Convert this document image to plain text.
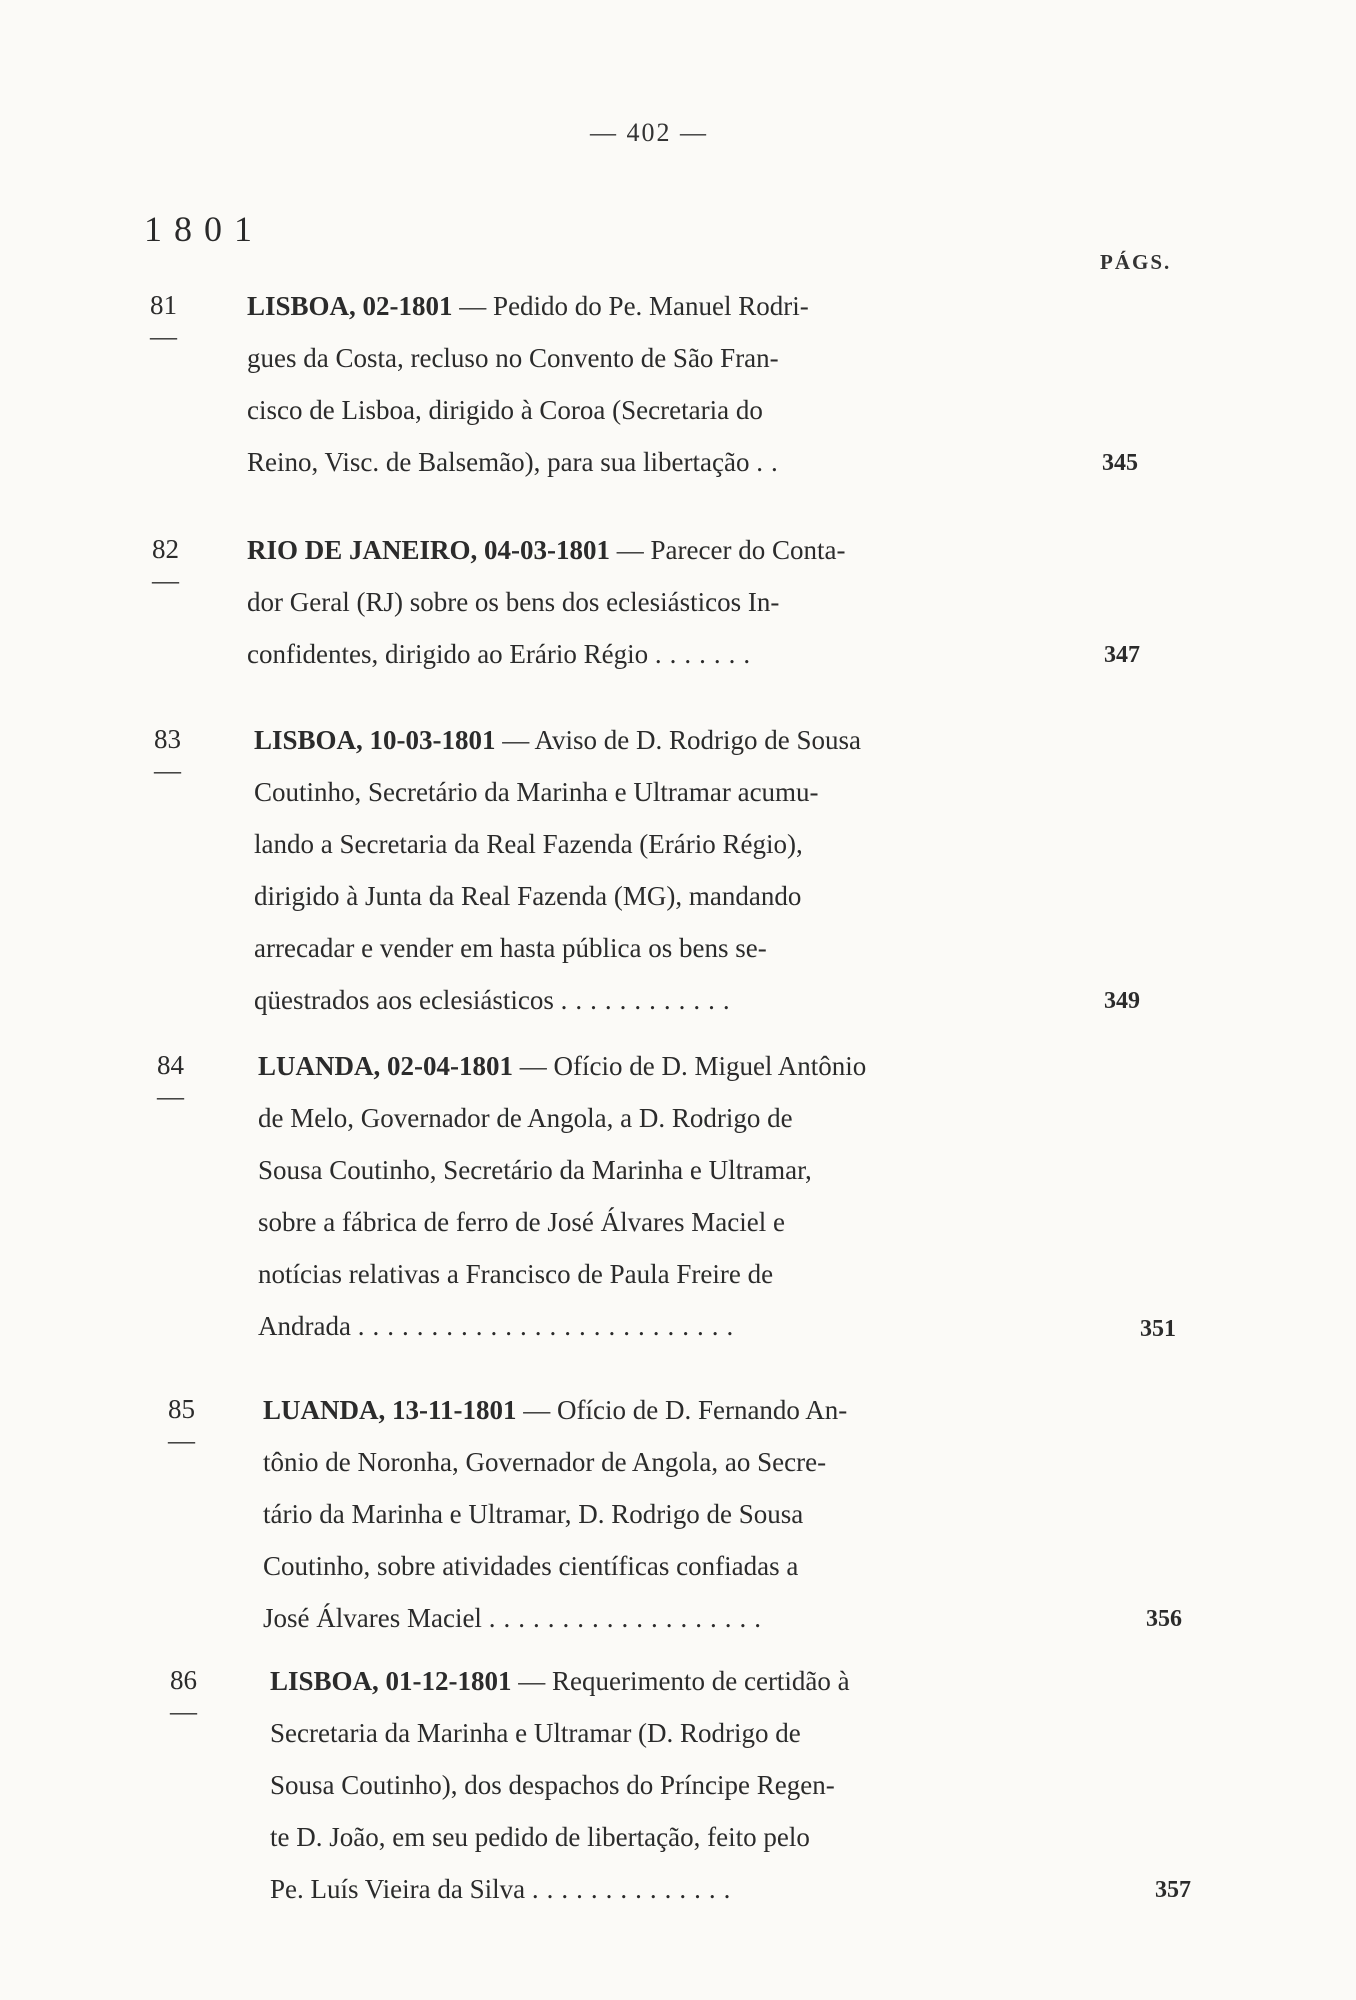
— 402 —
1801
PÁGS.
81 —
LISBOA, 02-1801 — Pedido do Pe. Manuel Rodri-
gues da Costa, recluso no Convento de São Fran-
cisco de Lisboa, dirigido à Coroa (Secretaria do
Reino, Visc. de Balsemão), para sua libertação ..	345
82 —
RIO DE JANEIRO, 04-03-1801 — Parecer do Conta-
dor Geral (RJ) sobre os bens dos eclesiásticos In-
confidentes, dirigido ao Erário Régio .......	347
83 —
LISBOA, 10-03-1801 — Aviso de D. Rodrigo de Sousa
Coutinho, Secretário da Marinha e Ultramar acumu-
lando a Secretaria da Real Fazenda (Erário Régio),
dirigido à Junta da Real Fazenda (MG), mandando
arrecadar e vender em hasta pública os bens se-
qüestrados aos eclesiásticos ............	349
84 —
LUANDA, 02-04-1801 — Ofício de D. Miguel Antônio
de Melo, Governador de Angola, a D. Rodrigo de
Sousa Coutinho, Secretário da Marinha e Ultramar,
sobre a fábrica de ferro de José Álvares Maciel e
notícias relativas a Francisco de Paula Freire de
Andrada ..........................	351
85 —
LUANDA, 13-11-1801 — Ofício de D. Fernando An-
tônio de Noronha, Governador de Angola, ao Secre-
tário da Marinha e Ultramar, D. Rodrigo de Sousa
Coutinho, sobre atividades científicas confiadas a
José Álvares Maciel ...................	356
86 —
LISBOA, 01-12-1801 — Requerimento de certidão à
Secretaria da Marinha e Ultramar (D. Rodrigo de
Sousa Coutinho), dos despachos do Príncipe Regen-
te D. João, em seu pedido de libertação, feito pelo
Pe. Luís Vieira da Silva ..............	357
